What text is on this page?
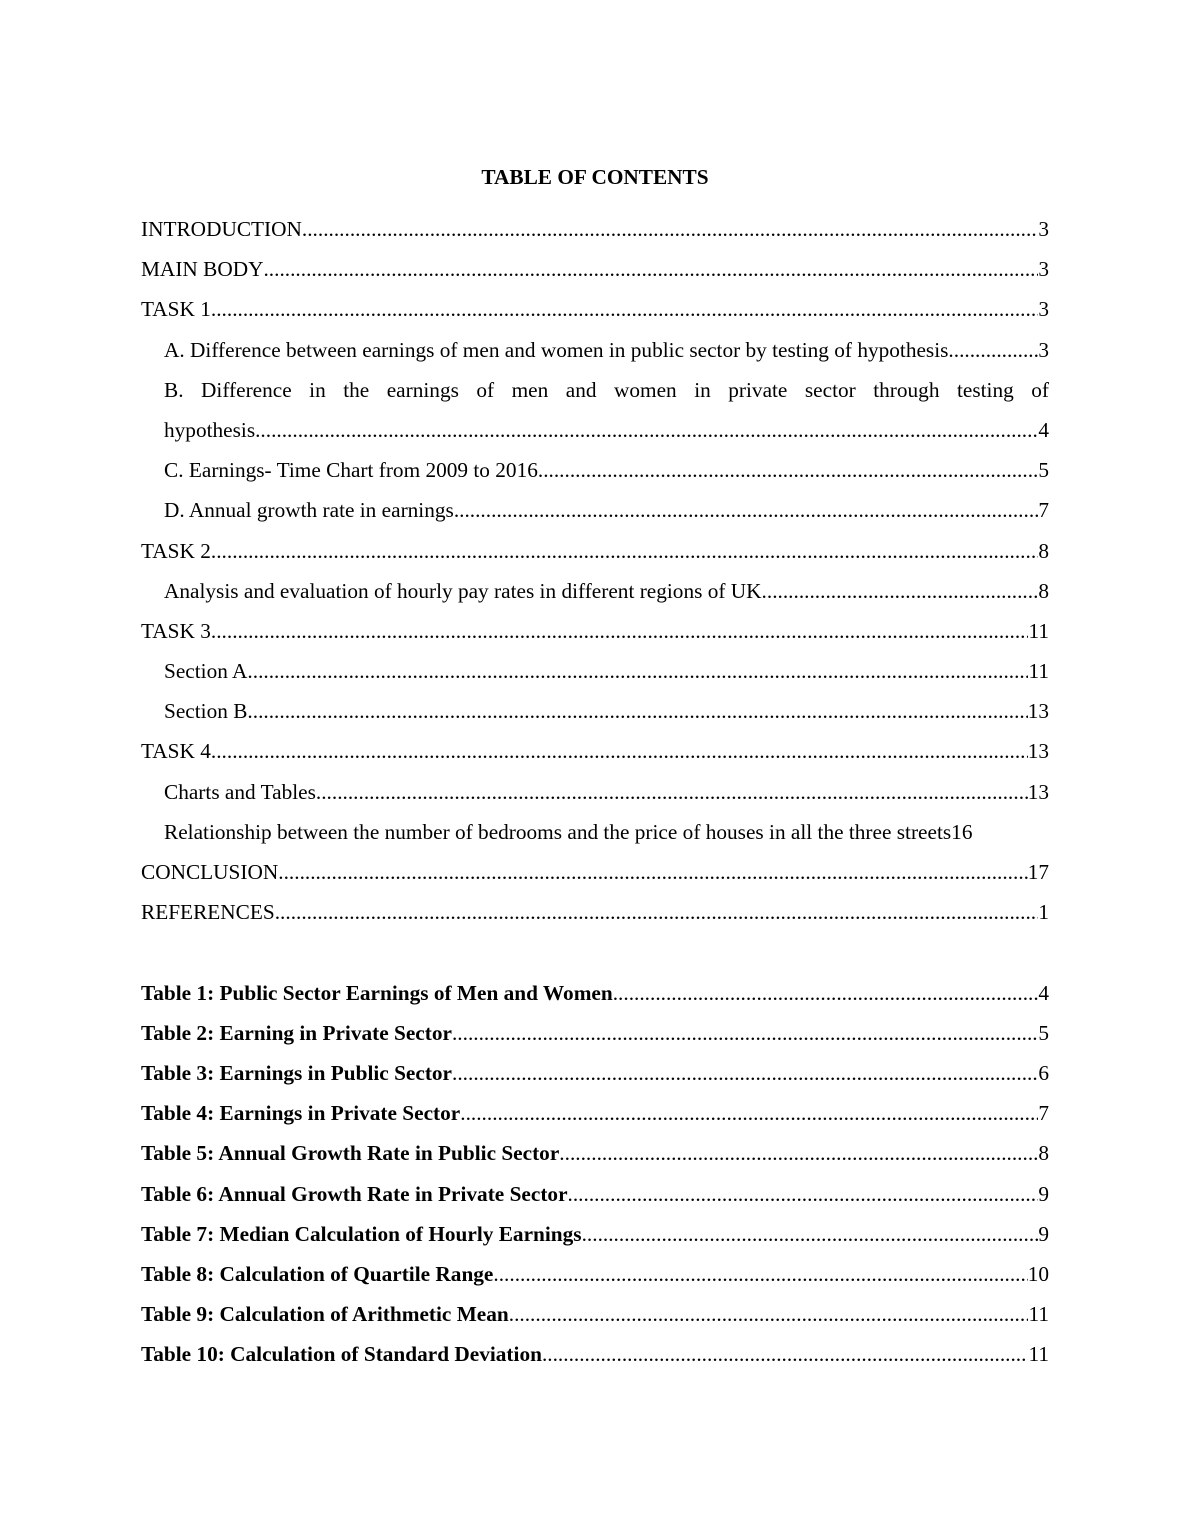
TABLE OF CONTENTS
INTRODUCTION .....	3
MAIN BODY .....	3
TASK 1 .....	3
A. Difference between earnings of men and women in public sector by testing of hypothesis. .....	3
B. Difference in the earnings of men and women in private sector through testing of
hypothesis .....	4
C. Earnings- Time Chart from 2009 to 2016 .....	5
D. Annual growth rate in earnings .....	7
TASK 2 .....	8
Analysis and evaluation of hourly pay rates in different regions of UK .....	8
TASK 3 .....	11
Section A .....	11
Section B .....	13
TASK 4 .....	13
Charts and Tables .....	13
Relationship between the number of bedrooms and the price of houses in all the three streets 16
CONCLUSION .....	17
REFERENCES .....	1
Table 1: Public Sector Earnings of Men and Women .....	4
Table 2: Earning in Private Sector .....	5
Table 3: Earnings in Public Sector .....	6
Table 4: Earnings in Private Sector .....	7
Table 5: Annual Growth Rate in Public Sector .....	8
Table 6: Annual Growth Rate in Private Sector .....	9
Table 7: Median Calculation of Hourly Earnings .....	9
Table 8: Calculation of Quartile Range .....	10
Table 9: Calculation of Arithmetic Mean .....	11
Table 10: Calculation of Standard Deviation .....	11
